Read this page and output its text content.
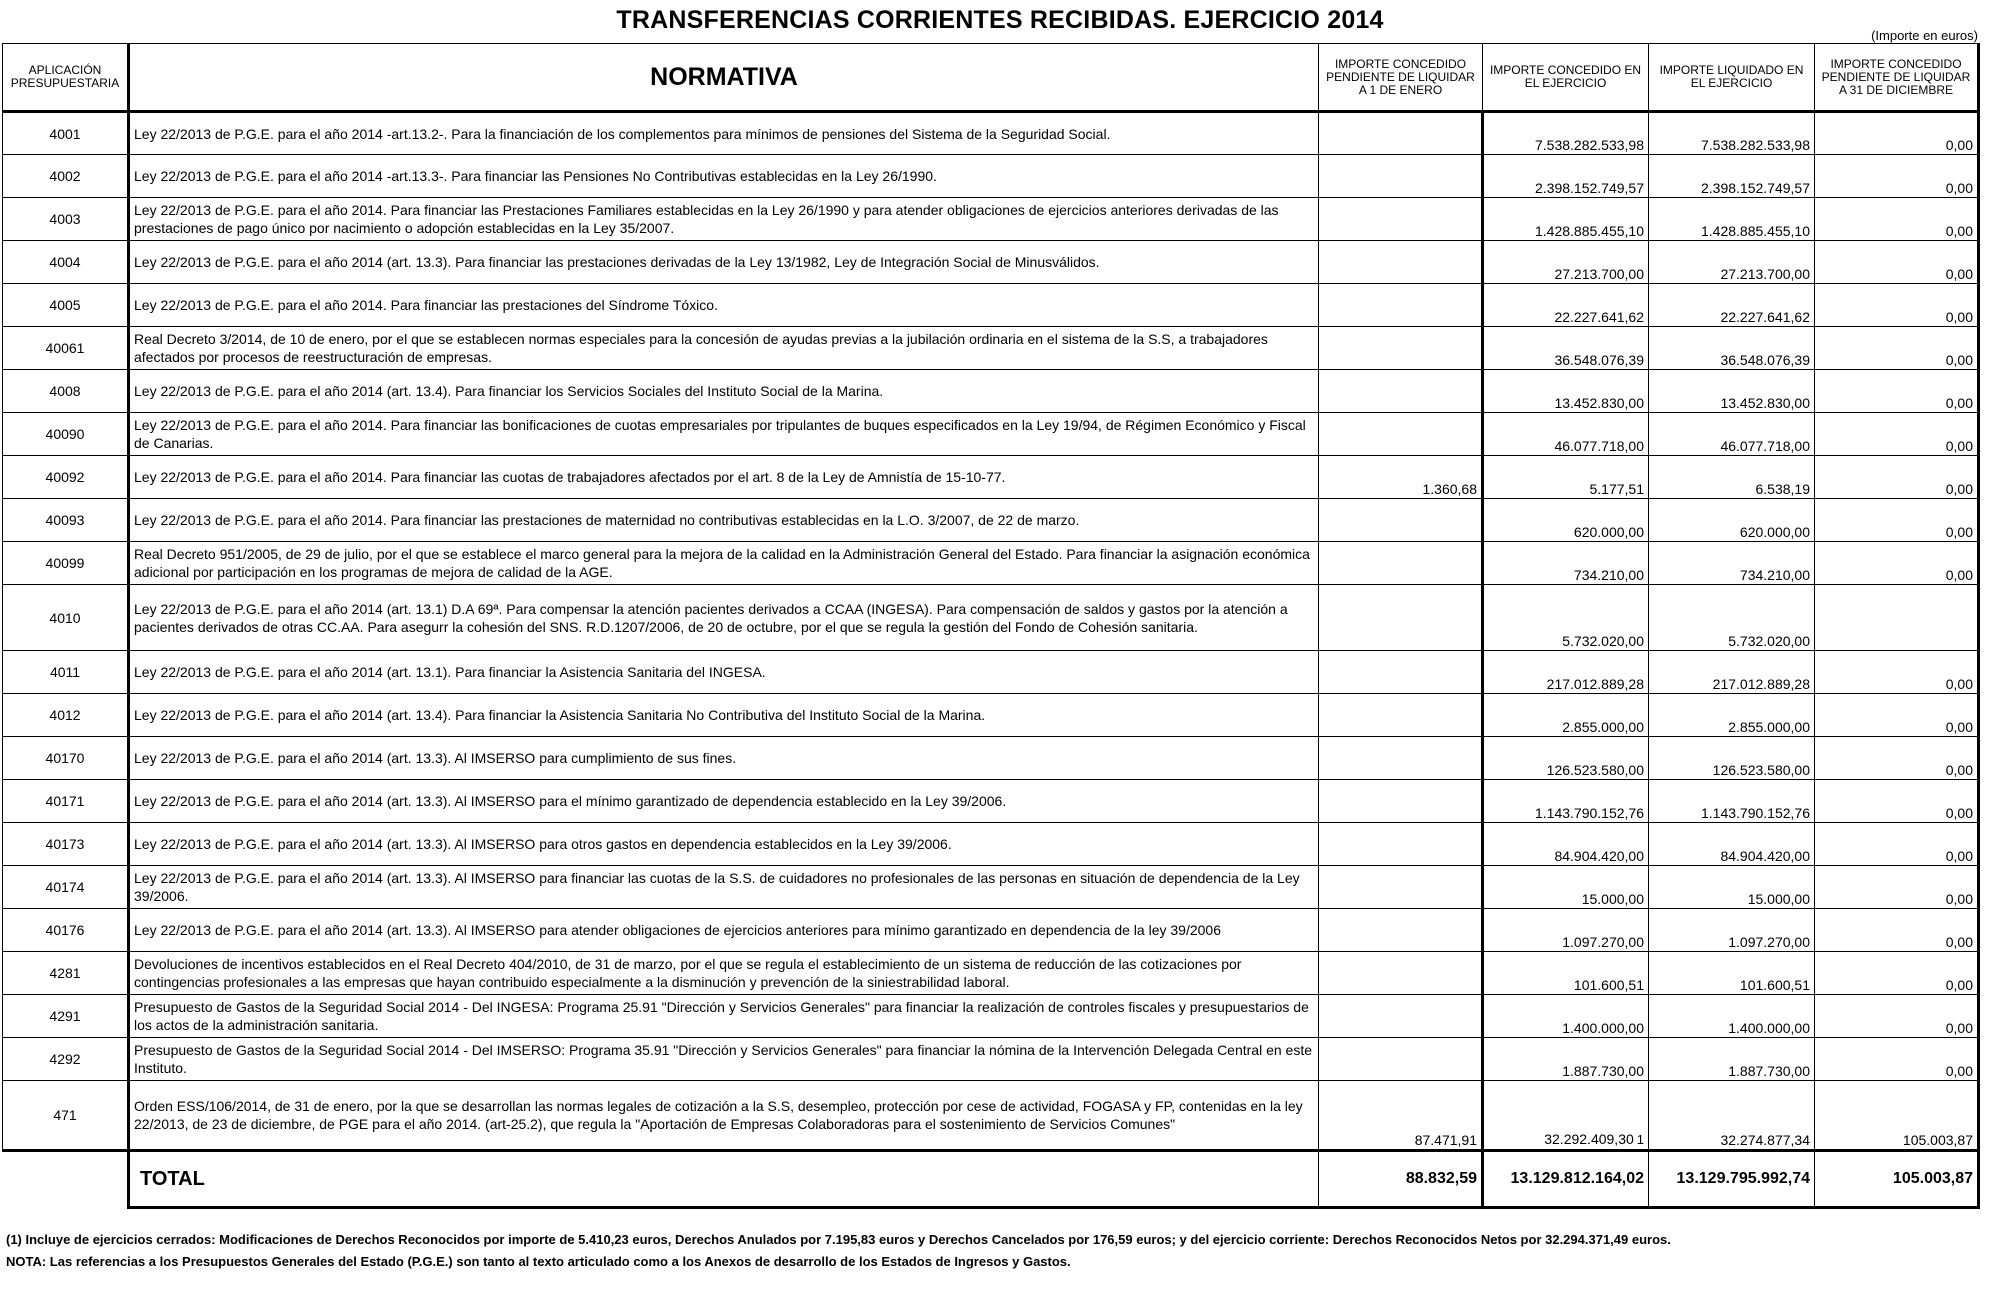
TRANSFERENCIAS CORRIENTES RECIBIDAS. EJERCICIO 2014
(Importe en euros)
APLICACIÓN PRESUPUESTARIA	NORMATIVA	IMPORTE CONCEDIDO PENDIENTE DE LIQUIDAR A 1 DE ENERO	IMPORTE CONCEDIDO EN EL EJERCICIO	IMPORTE LIQUIDADO EN EL EJERCICIO	IMPORTE CONCEDIDO PENDIENTE DE LIQUIDAR A 31 DE DICIEMBRE
4001	Ley 22/2013 de P.G.E. para el año 2014 -art.13.2-. Para la financiación de los complementos para mínimos de pensiones del Sistema de la Seguridad Social.		7.538.282.533,98	7.538.282.533,98	0,00
4002	Ley 22/2013 de P.G.E. para el año 2014 -art.13.3-. Para financiar las Pensiones No Contributivas establecidas en la Ley 26/1990.		2.398.152.749,57	2.398.152.749,57	0,00
4003	Ley 22/2013 de P.G.E. para el año 2014. Para financiar las Prestaciones Familiares establecidas en la Ley 26/1990 y para atender obligaciones de ejercicios anteriores derivadas de las prestaciones de pago único por nacimiento o adopción establecidas en la Ley 35/2007.		1.428.885.455,10	1.428.885.455,10	0,00
4004	Ley 22/2013 de P.G.E. para el año 2014 (art. 13.3). Para financiar las prestaciones derivadas de la Ley 13/1982, Ley de Integración Social de Minusválidos.		27.213.700,00	27.213.700,00	0,00
4005	Ley 22/2013 de P.G.E. para el año 2014. Para financiar las prestaciones del Síndrome Tóxico.		22.227.641,62	22.227.641,62	0,00
40061	Real Decreto 3/2014, de 10 de enero, por el que se establecen normas especiales para la concesión de ayudas previas a la jubilación ordinaria en el sistema de la S.S, a trabajadores afectados por procesos de reestructuración de empresas.		36.548.076,39	36.548.076,39	0,00
4008	Ley 22/2013 de P.G.E. para el año 2014 (art. 13.4). Para financiar los Servicios Sociales del Instituto Social de la Marina.		13.452.830,00	13.452.830,00	0,00
40090	Ley 22/2013 de P.G.E. para el año 2014. Para financiar las bonificaciones de cuotas empresariales por tripulantes de buques especificados en la Ley 19/94, de Régimen Económico y Fiscal de Canarias.		46.077.718,00	46.077.718,00	0,00
40092	Ley 22/2013 de P.G.E. para el año 2014. Para financiar las cuotas de trabajadores afectados por el art. 8 de la Ley de Amnistía de 15-10-77.	1.360,68	5.177,51	6.538,19	0,00
40093	Ley 22/2013 de P.G.E. para el año 2014. Para financiar las prestaciones de maternidad no contributivas establecidas en la L.O. 3/2007, de 22 de marzo.		620.000,00	620.000,00	0,00
40099	Real Decreto 951/2005, de 29 de julio, por el que se establece el marco general para la mejora de la calidad en la Administración General del Estado. Para financiar la asignación económica adicional por participación en los programas de mejora de calidad de la AGE.		734.210,00	734.210,00	0,00
4010	Ley 22/2013 de P.G.E. para el año 2014 (art. 13.1) D.A 69ª. Para compensar la atención pacientes derivados a CCAA (INGESA). Para compensación de saldos y gastos por la atención a pacientes derivados de otras CC.AA. Para asegurr la cohesión del SNS. R.D.1207/2006, de 20 de octubre, por el que se regula la gestión del Fondo de Cohesión sanitaria.		5.732.020,00	5.732.020,00	
4011	Ley 22/2013 de P.G.E. para el año 2014 (art. 13.1). Para financiar la Asistencia Sanitaria del INGESA.		217.012.889,28	217.012.889,28	0,00
4012	Ley 22/2013 de P.G.E. para el año 2014 (art. 13.4). Para financiar la Asistencia Sanitaria No Contributiva del Instituto Social de la Marina.		2.855.000,00	2.855.000,00	0,00
40170	Ley 22/2013 de P.G.E. para el año 2014 (art. 13.3). Al IMSERSO para cumplimiento de sus fines.		126.523.580,00	126.523.580,00	0,00
40171	Ley 22/2013 de P.G.E. para el año 2014 (art. 13.3). Al IMSERSO para el mínimo garantizado de dependencia establecido en la Ley 39/2006.		1.143.790.152,76	1.143.790.152,76	0,00
40173	Ley 22/2013 de P.G.E. para el año 2014 (art. 13.3). Al IMSERSO para otros gastos en dependencia establecidos en la Ley 39/2006.		84.904.420,00	84.904.420,00	0,00
40174	Ley 22/2013 de P.G.E. para el año 2014 (art. 13.3). Al IMSERSO para financiar las cuotas de la S.S. de cuidadores no profesionales de las personas en situación de dependencia de la Ley 39/2006.		15.000,00	15.000,00	0,00
40176	Ley 22/2013 de P.G.E. para el año 2014 (art. 13.3). Al IMSERSO para atender obligaciones de ejercicios anteriores para mínimo garantizado en dependencia de la ley 39/2006		1.097.270,00	1.097.270,00	0,00
4281	Devoluciones de incentivos establecidos en el Real Decreto 404/2010, de 31 de marzo, por el que se regula el establecimiento de un sistema de reducción de las cotizaciones por contingencias profesionales a las empresas que hayan contribuido especialmente a la disminución y prevención de la siniestrabilidad laboral.		101.600,51	101.600,51	0,00
4291	Presupuesto de Gastos de la Seguridad Social 2014 - Del INGESA: Programa 25.91 "Dirección y Servicios Generales" para financiar la realización de controles fiscales y presupuestarios de los actos de la administración sanitaria.		1.400.000,00	1.400.000,00	0,00
4292	Presupuesto de Gastos de la Seguridad Social 2014 - Del IMSERSO: Programa 35.91 "Dirección y Servicios Generales" para financiar la nómina de la Intervención Delegada Central en este Instituto.		1.887.730,00	1.887.730,00	0,00
471	Orden ESS/106/2014, de 31 de enero, por la que se desarrollan las normas legales de cotización a la S.S, desempleo, protección por cese de actividad, FOGASA y FP, contenidas en la ley 22/2013, de 23 de diciembre, de PGE para el año 2014. (art-25.2), que regula la "Aportación de Empresas Colaboradoras para el sostenimiento de Servicios Comunes"	87.471,91	32.292.409,30 1	32.274.877,34	105.003,87
	TOTAL	88.832,59	13.129.812.164,02	13.129.795.992,74	105.003,87
(1) Incluye de ejercicios cerrados: Modificaciones de Derechos Reconocidos por importe de 5.410,23 euros, Derechos Anulados por 7.195,83 euros y Derechos Cancelados por 176,59 euros; y del ejercicio corriente: Derechos Reconocidos Netos por 32.294.371,49 euros.
NOTA: Las referencias a los Presupuestos Generales del Estado (P.G.E.) son tanto al texto articulado como a los Anexos de desarrollo de los Estados de Ingresos y Gastos.
